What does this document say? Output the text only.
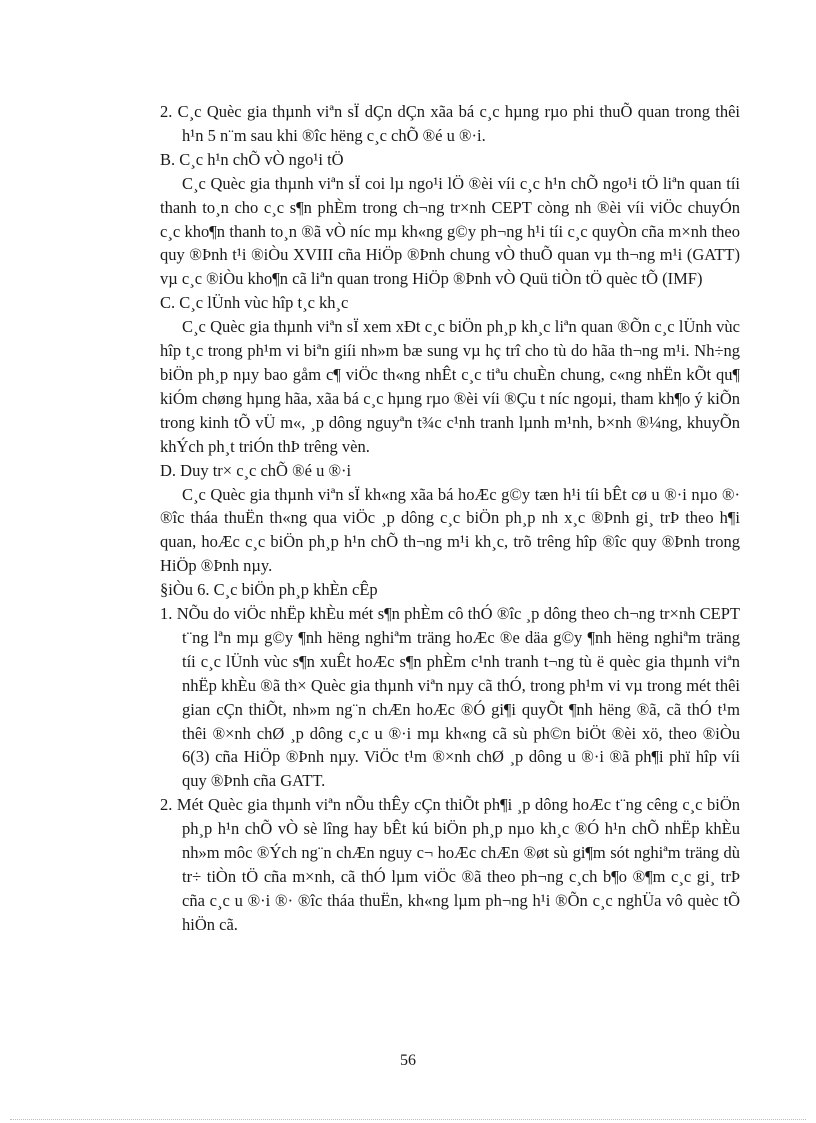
2. C¸c Quèc gia thµnh viªn sÏ dÇn dÇn xãa bá c¸c hµng rµo phi thuÕ quan trong thêi h¹n 5 n¨m sau khi ®îc hëng c¸c chÕ ®é u ®·i.

B. C¸c h¹n chÕ vÒ ngo¹i tÖ

C¸c Quèc gia thµnh viªn sÏ coi lµ ngo¹i lÖ ®èi víi c¸c h¹n chÕ ngo¹i tÖ liªn quan tíi thanh to¸n cho c¸c s¶n phÈm trong ch¬ng tr×nh CEPT còng nh ®èi víi viÖc chuyÓn c¸c kho¶n thanh to¸n ®ã vÒ níc mµ kh«ng g©y ph¬ng h¹i tíi c¸c quyÒn cña m×nh theo quy ®Þnh t¹i ®iÒu XVIII cña HiÖp ®Þnh chung vÒ thuÕ quan vµ th¬ng m¹i (GATT) vµ c¸c ®iÒu kho¶n cã liªn quan trong HiÖp ®Þnh vÒ Quü tiÒn tÖ quèc tÕ (IMF)

C. C¸c lÜnh vùc hîp t¸c kh¸c

C¸c Quèc gia thµnh viªn sÏ xem xÐt c¸c biÖn ph¸p kh¸c liªn quan ®Õn c¸c lÜnh vùc hîp t¸c trong ph¹m vi biªn giíi nh»m bæ sung vµ hç trî cho tù do hãa th¬ng m¹i. Nh÷ng biÖn ph¸p nµy bao gåm c¶ viÖc th«ng nhÊt c¸c tiªu chuÈn chung, c«ng nhËn kÕt qu¶ kiÓm chøng hµng hãa, xãa bá c¸c hµng rµo ®èi víi ®Çu t níc ngoµi, tham kh¶o ý kiÕn trong kinh tÕ vÜ m«, ¸p dông nguyªn t¾c c¹nh tranh lµnh m¹nh, b×nh ®¼ng, khuyÕn khÝch ph¸t triÓn thÞ trêng vèn.

D. Duy tr× c¸c chÕ ®é u ®·i

C¸c Quèc gia thµnh viªn sÏ kh«ng xãa bá hoÆc g©y tæn h¹i tíi bÊt cø u ®·i nµo ®· ®îc tháa thuËn th«ng qua viÖc ¸p dông c¸c biÖn ph¸p nh x¸c ®Þnh gi¸ trÞ theo h¶i quan, hoÆc c¸c biÖn ph¸p h¹n chÕ th¬ng m¹i kh¸c, trõ trêng hîp ®îc quy ®Þnh trong HiÖp ®Þnh nµy.

§iÒu 6. C¸c biÖn ph¸p khÈn cÊp

1. NÕu do viÖc nhËp khÈu mét s¶n phÈm cô thÓ ®îc ¸p dông theo ch¬ng tr×nh CEPT t¨ng lªn mµ g©y ¶nh hëng nghiªm träng hoÆc ®e däa g©y ¶nh hëng nghiªm träng tíi c¸c lÜnh vùc s¶n xuÊt hoÆc s¶n phÈm c¹nh tranh t¬ng tù ë quèc gia thµnh viªn nhËp khÈu ®ã th× Quèc gia thµnh viªn nµy cã thÓ, trong ph¹m vi vµ trong mét thêi gian cÇn thiÕt, nh»m ng¨n chÆn hoÆc ®Ó gi¶i quyÕt ¶nh hëng ®ã, cã thÓ t¹m thêi ®×nh chØ ¸p dông c¸c u ®·i mµ kh«ng cã sù ph©n biÖt ®èi xö, theo ®iÒu 6(3) cña HiÖp ®Þnh nµy. ViÖc t¹m ®×nh chØ ¸p dông u ®·i ®ã ph¶i phï hîp víi quy ®Þnh cña GATT.

2. Mét Quèc gia thµnh viªn nÕu thÊy cÇn thiÕt ph¶i ¸p dông hoÆc t¨ng cêng c¸c biÖn ph¸p h¹n chÕ vÒ sè lîng hay bÊt kú biÖn ph¸p nµo kh¸c ®Ó h¹n chÕ nhËp khÈu nh»m môc ®Ých ng¨n chÆn nguy c¬ hoÆc chÆn ®øt sù gi¶m sót nghiªm träng dù tr÷ tiÒn tÖ cña m×nh, cã thÓ lµm viÖc ®ã theo ph¬ng c¸ch b¶o ®¶m c¸c gi¸ trÞ cña c¸c u ®·i ®· ®îc tháa thuËn, kh«ng lµm ph¬ng h¹i ®Õn c¸c nghÜa vô quèc tÕ hiÖn cã.

56
